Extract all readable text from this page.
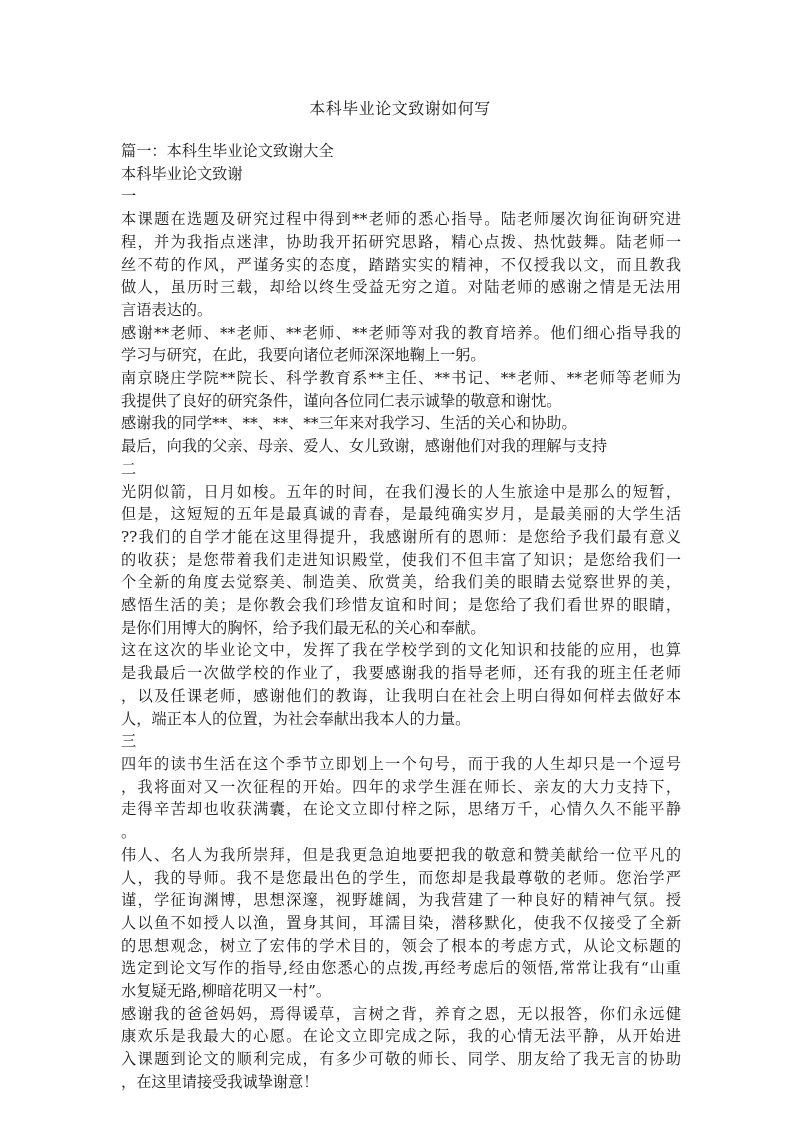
本科毕业论文致谢如何写
篇一：本科生毕业论文致谢大全
本科毕业论文致谢
一
本课题在选题及研究过程中得到**老师的悉心指导。陆老师屡次询征询研究进
程，并为我指点迷津，协助我开拓研究思路，精心点拨、热忱鼓舞。陆老师一
丝不苟的作风，严谨务实的态度，踏踏实实的精神，不仅授我以文，而且教我
做人，虽历时三载，却给以终生受益无穷之道。对陆老师的感谢之情是无法用
言语表达的。
感谢**老师、**老师、**老师、**老师等对我的教育培养。他们细心指导我的
学习与研究，在此，我要向诸位老师深深地鞠上一躬。
南京晓庄学院**院长、科学教育系**主任、**书记、**老师、**老师等老师为
我提供了良好的研究条件，谨向各位同仁表示诚挚的敬意和谢忱。
感谢我的同学**、**、**、**三年来对我学习、生活的关心和协助。
最后，向我的父亲、母亲、爱人、女儿致谢，感谢他们对我的理解与支持
二
光阴似箭，日月如梭。五年的时间，在我们漫长的人生旅途中是那么的短暂，
但是，这短短的五年是最真诚的青春，是最纯确实岁月，是最美丽的大学生活
??我们的自学才能在这里得提升，我感谢所有的恩师：是您给予我们最有意义
的收获；是您带着我们走进知识殿堂，使我们不但丰富了知识；是您给我们一
个全新的角度去觉察美、制造美、欣赏美，给我们美的眼睛去觉察世界的美，
感悟生活的美；是你教会我们珍惜友谊和时间；是您给了我们看世界的眼睛，
是你们用博大的胸怀，给予我们最无私的关心和奉献。
这在这次的毕业论文中，发挥了我在学校学到的文化知识和技能的应用，也算
是我最后一次做学校的作业了，我要感谢我的指导老师，还有我的班主任老师
，以及任课老师，感谢他们的教诲，让我明白在社会上明白得如何样去做好本
人，端正本人的位置，为社会奉献出我本人的力量。
三
四年的读书生活在这个季节立即划上一个句号，而于我的人生却只是一个逗号
，我将面对又一次征程的开始。四年的求学生涯在师长、亲友的大力支持下，
走得辛苦却也收获满囊，在论文立即付梓之际，思绪万千，心情久久不能平静
。
伟人、名人为我所崇拜，但是我更急迫地要把我的敬意和赞美献给一位平凡的
人，我的导师。我不是您最出色的学生，而您却是我最尊敬的老师。您治学严
谨，学征询渊博，思想深邃，视野雄阔，为我营建了一种良好的精神气氛。授
人以鱼不如授人以渔，置身其间，耳濡目染，潜移默化，使我不仅接受了全新
的思想观念，树立了宏伟的学术目的，领会了根本的考虑方式，从论文标题的
选定到论文写作的指导,经由您悉心的点拨,再经考虑后的领悟,常常让我有“山重
水复疑无路,柳暗花明又一村”。
感谢我的爸爸妈妈，焉得谖草，言树之背，养育之恩，无以报答，你们永远健
康欢乐是我最大的心愿。在论文立即完成之际，我的心情无法平静，从开始进
入课题到论文的顺利完成，有多少可敬的师长、同学、朋友给了我无言的协助
，在这里请接受我诚挚谢意！
